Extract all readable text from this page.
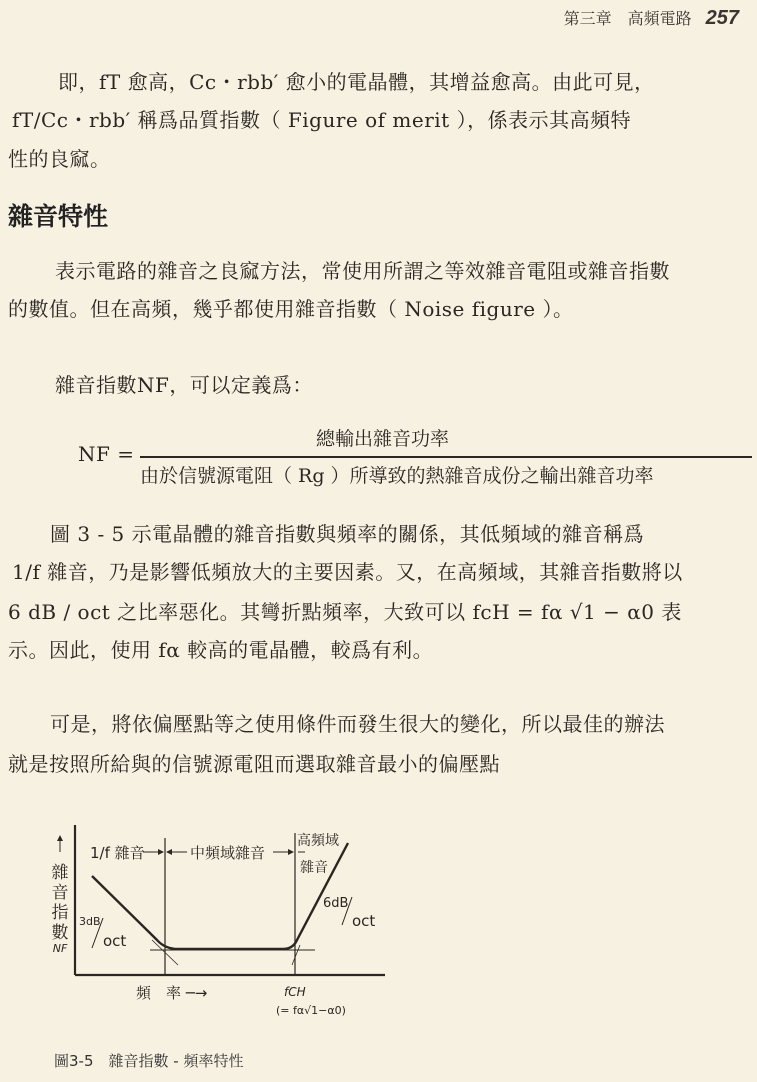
第三章　高頻電路 257
即，fT 愈高，Cc・rbb′ 愈小的電晶體，其增益愈高。由此可見，
fT/Cc・rbb′ 稱爲品質指數（ Figure of merit ），係表示其高頻特
性的良窳。
雜音特性
表示電路的雜音之良窳方法，常使用所謂之等效雜音電阻或雜音指數
的數值。但在高頻，幾乎都使用雜音指數（ Noise figure ）。
雜音指數NF，可以定義爲：
NF =
總輸出雜音功率
由於信號源電阻（ Rg ）所導致的熱雜音成份之輸出雜音功率
圖 3 - 5 示電晶體的雜音指數與頻率的關係，其低頻域的雜音稱爲
1/f 雜音，乃是影響低頻放大的主要因素。又，在高頻域，其雜音指數將以
6 dB / oct 之比率惡化。其彎折點頻率，大致可以 fcH = fα √1 − α0 表
示。因此，使用 fα 較高的電晶體，較爲有利。
可是，將依偏壓點等之使用條件而發生很大的變化，所以最佳的辦法
就是按照所給與的信號源電阻而選取雜音最小的偏壓點
雜
音
指
數
NF
1/f 雜音	中頻域雜音
高頻域
雜音
3dB
oct
6dB
oct
頻　率 ─→	fCH
(= fα√1−α0)
圖3-5　雜音指數 - 頻率特性
